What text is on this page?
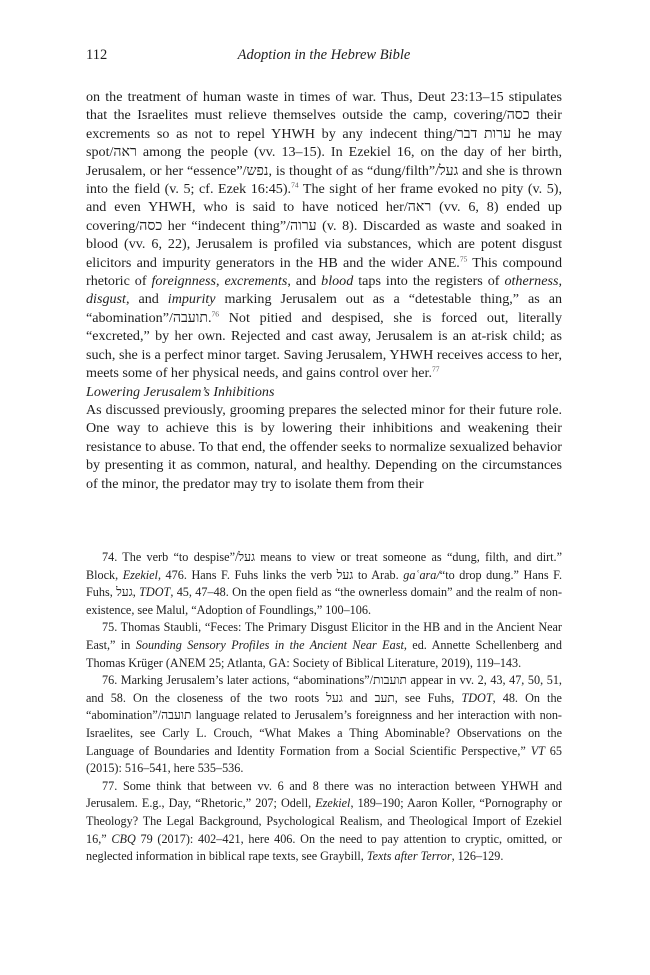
112	Adoption in the Hebrew Bible

on the treatment of human waste in times of war. Thus, Deut 23:13–15 stipulates that the Israelites must relieve themselves outside the camp, covering/כסה their excrements so as not to repel YHWH by any indecent thing/ערות דבר he may spot/ראה among the people (vv. 13–15). In Ezekiel 16, on the day of her birth, Jerusalem, or her “essence”/נפש, is thought of as “dung/filth”/געל and she is thrown into the field (v. 5; cf. Ezek 16:45).$^{74}$ The sight of her frame evoked no pity (v. 5), and even YHWH, who is said to have noticed her/ראה (vv. 6, 8) ended up covering/כסה her “indecent thing”/ערוה (v. 8). Discarded as waste and soaked in blood (vv. 6, 22), Jerusalem is profiled via substances, which are potent disgust elicitors and impurity generators in the HB and the wider ANE.$^{75}$ This compound rhetoric of foreignness, excrements, and blood taps into the registers of otherness, disgust, and impurity marking Jerusalem out as a “detestable thing,” as an “abomination”/תועבה.$^{76}$ Not pitied and despised, she is forced out, literally “excreted,” by her own. Rejected and cast away, Jerusalem is an at-risk child; as such, she is a perfect minor target. Saving Jerusalem, YHWH receives access to her, meets some of her physical needs, and gains control over her.$^{77}$

Lowering Jerusalem’s Inhibitions

As discussed previously, grooming prepares the selected minor for their future role. One way to achieve this is by lowering their inhibitions and weakening their resistance to abuse. To that end, the offender seeks to normalize sexualized behavior by presenting it as common, natural, and healthy. Depending on the circumstances of the minor, the predator may try to isolate them from their

74. The verb “to despise”/געל means to view or treat someone as “dung, filth, and dirt.” Block, Ezekiel, 476. Hans F. Fuhs links the verb געל to Arab. gaʿara/“to drop dung.” Hans F. Fuhs, געל, TDOT, 45, 47–48. On the open field as “the ownerless domain” and the realm of non-existence, see Malul, “Adoption of Foundlings,” 100–106.

75. Thomas Staubli, “Feces: The Primary Disgust Elicitor in the HB and in the Ancient Near East,” in Sounding Sensory Profiles in the Ancient Near East, ed. Annette Schellenberg and Thomas Krüger (ANEM 25; Atlanta, GA: Society of Biblical Literature, 2019), 119–143.

76. Marking Jerusalem’s later actions, “abominations”/תועבות appear in vv. 2, 43, 47, 50, 51, and 58. On the closeness of the two roots געל and תעב, see Fuhs, TDOT, 48. On the “abomination”/תועבה language related to Jerusalem’s foreignness and her interaction with non-Israelites, see Carly L. Crouch, “What Makes a Thing Abominable? Observations on the Language of Boundaries and Identity Formation from a Social Scientific Perspective,” VT 65 (2015): 516–541, here 535–536.

77. Some think that between vv. 6 and 8 there was no interaction between YHWH and Jerusalem. E.g., Day, “Rhetoric,” 207; Odell, Ezekiel, 189–190; Aaron Koller, “Pornography or Theology? The Legal Background, Psychological Realism, and Theological Import of Ezekiel 16,” CBQ 79 (2017): 402–421, here 406. On the need to pay attention to cryptic, omitted, or neglected information in biblical rape texts, see Graybill, Texts after Terror, 126–129.
